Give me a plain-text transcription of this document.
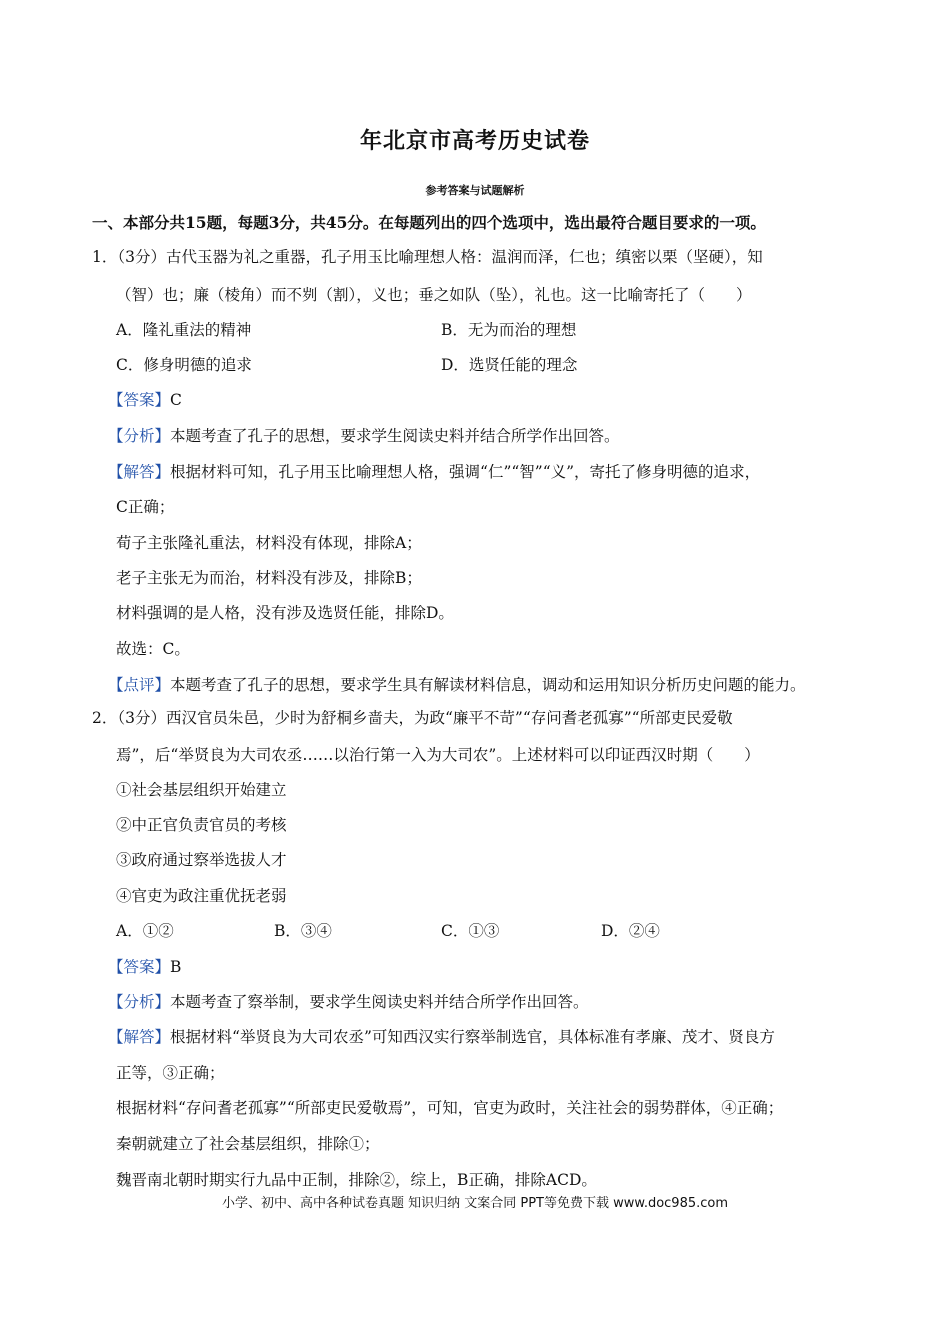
年北京市高考历史试卷
参考答案与试题解析
一、本部分共15题，每题3分，共45分。在每题列出的四个选项中，选出最符合题目要求的一项。
1．（3分）古代玉器为礼之重器，孔子用玉比喻理想人格：温润而泽，仁也；缜密以栗（坚硬），知
（智）也；廉（棱角）而不刿（割），义也；垂之如队（坠），礼也。这一比喻寄托了（　　）
A．隆礼重法的精神	B．无为而治的理想
C．修身明德的追求	D．选贤任能的理念
【答案】C
【分析】本题考查了孔子的思想，要求学生阅读史料并结合所学作出回答。
【解答】根据材料可知，孔子用玉比喻理想人格，强调“仁”“智”“义”，寄托了修身明德的追求，
C正确；
荀子主张隆礼重法，材料没有体现，排除A；
老子主张无为而治，材料没有涉及，排除B；
材料强调的是人格，没有涉及选贤任能，排除D。
故选：C。
【点评】本题考查了孔子的思想，要求学生具有解读材料信息，调动和运用知识分析历史问题的能力。
2．（3分）西汉官员朱邑，少时为舒桐乡啬夫，为政“廉平不苛”“存问耆老孤寡”“所部吏民爱敬
焉”，后“举贤良为大司农丞……以治行第一入为大司农”。上述材料可以印证西汉时期（　　）
①社会基层组织开始建立
②中正官负责官员的考核
③政府通过察举选拔人才
④官吏为政注重优抚老弱
A．①②	B．③④	C．①③	D．②④
【答案】B
【分析】本题考查了察举制，要求学生阅读史料并结合所学作出回答。
【解答】根据材料“举贤良为大司农丞”可知西汉实行察举制选官，具体标准有孝廉、茂才、贤良方
正等，③正确；
根据材料“存问耆老孤寡”“所部吏民爱敬焉”，可知，官吏为政时，关注社会的弱势群体，④正确；
秦朝就建立了社会基层组织，排除①；
魏晋南北朝时期实行九品中正制，排除②，综上，B正确，排除ACD。
小学、初中、高中各种试卷真题 知识归纳 文案合同 PPT等免费下载 www.doc985.com
